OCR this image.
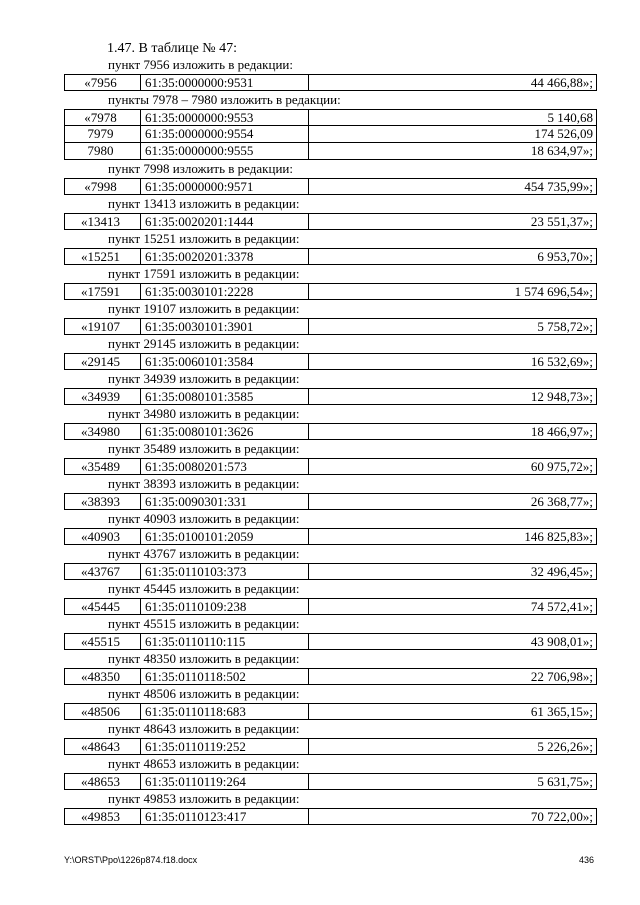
1.47. В таблице № 47:
пункт 7956 изложить в редакции:
«7956	61:35:0000000:9531	44 466,88»;
пункты 7978 – 7980 изложить в редакции:
«7978	61:35:0000000:9553	5 140,68
7979	61:35:0000000:9554	174 526,09
7980	61:35:0000000:9555	18 634,97»;
пункт 7998 изложить в редакции:
«7998	61:35:0000000:9571	454 735,99»;
пункт 13413 изложить в редакции:
«13413	61:35:0020201:1444	23 551,37»;
пункт 15251 изложить в редакции:
«15251	61:35:0020201:3378	6 953,70»;
пункт 17591 изложить в редакции:
«17591	61:35:0030101:2228	1 574 696,54»;
пункт 19107 изложить в редакции:
«19107	61:35:0030101:3901	5 758,72»;
пункт 29145 изложить в редакции:
«29145	61:35:0060101:3584	16 532,69»;
пункт 34939 изложить в редакции:
«34939	61:35:0080101:3585	12 948,73»;
пункт 34980 изложить в редакции:
«34980	61:35:0080101:3626	18 466,97»;
пункт 35489 изложить в редакции:
«35489	61:35:0080201:573	60 975,72»;
пункт 38393 изложить в редакции:
«38393	61:35:0090301:331	26 368,77»;
пункт 40903 изложить в редакции:
«40903	61:35:0100101:2059	146 825,83»;
пункт 43767 изложить в редакции:
«43767	61:35:0110103:373	32 496,45»;
пункт 45445 изложить в редакции:
«45445	61:35:0110109:238	74 572,41»;
пункт 45515 изложить в редакции:
«45515	61:35:0110110:115	43 908,01»;
пункт 48350 изложить в редакции:
«48350	61:35:0110118:502	22 706,98»;
пункт 48506 изложить в редакции:
«48506	61:35:0110118:683	61 365,15»;
пункт 48643 изложить в редакции:
«48643	61:35:0110119:252	5 226,26»;
пункт 48653 изложить в редакции:
«48653	61:35:0110119:264	5 631,75»;
пункт 49853 изложить в редакции:
«49853	61:35:0110123:417	70 722,00»;
Y:\ORST\Ppo\1226p874.f18.docx	436
